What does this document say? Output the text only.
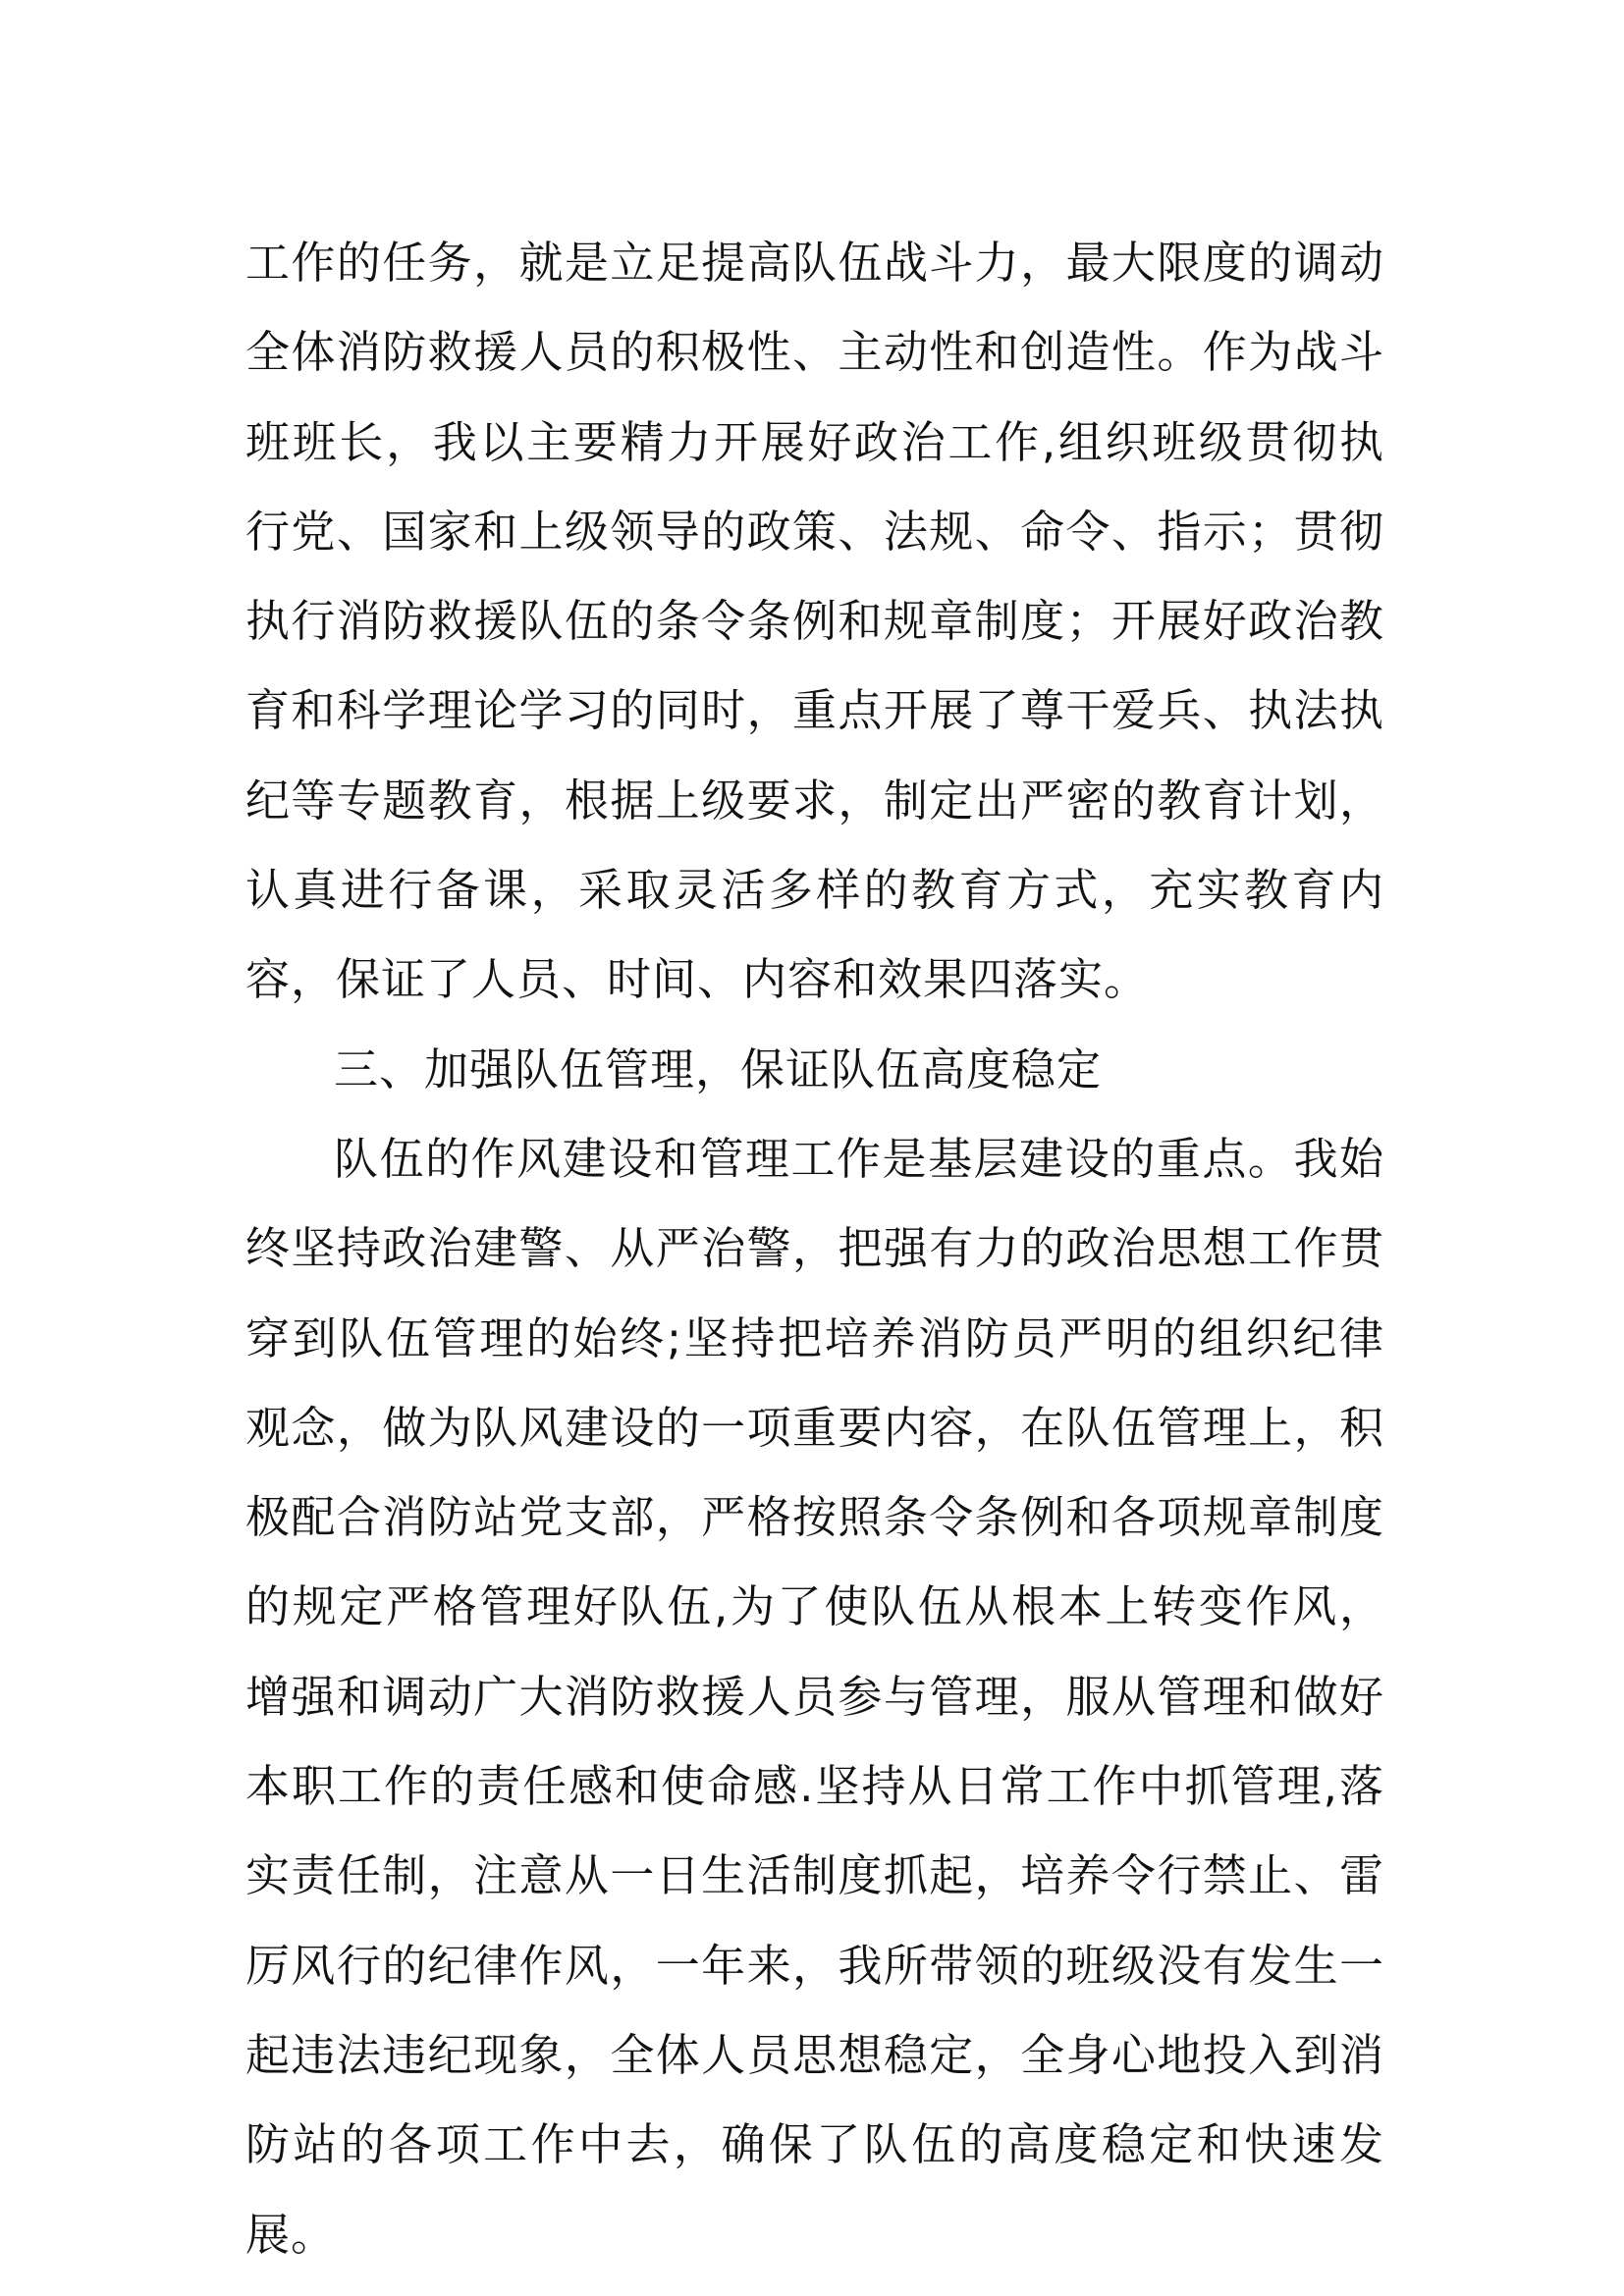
工作的任务，就是立足提高队伍战斗力，最大限度的调动全体消防救援人员的积极性、主动性和创造性。作为战斗班班长，我以主要精力开展好政治工作,组织班级贯彻执行党、国家和上级领导的政策、法规、命令、指示；贯彻执行消防救援队伍的条令条例和规章制度；开展好政治教育和科学理论学习的同时，重点开展了尊干爱兵、执法执纪等专题教育，根据上级要求，制定出严密的教育计划，认真进行备课，采取灵活多样的教育方式，充实教育内容，保证了人员、时间、内容和效果四落实。

三、加强队伍管理，保证队伍高度稳定

队伍的作风建设和管理工作是基层建设的重点。我始终坚持政治建警、从严治警，把强有力的政治思想工作贯穿到队伍管理的始终;坚持把培养消防员严明的组织纪律观念，做为队风建设的一项重要内容，在队伍管理上，积极配合消防站党支部，严格按照条令条例和各项规章制度的规定严格管理好队伍,为了使队伍从根本上转变作风，增强和调动广大消防救援人员参与管理，服从管理和做好本职工作的责任感和使命感.坚持从日常工作中抓管理,落实责任制，注意从一日生活制度抓起，培养令行禁止、雷厉风行的纪律作风，一年来，我所带领的班级没有发生一起违法违纪现象，全体人员思想稳定，全身心地投入到消防站的各项工作中去，确保了队伍的高度稳定和快速发展。
